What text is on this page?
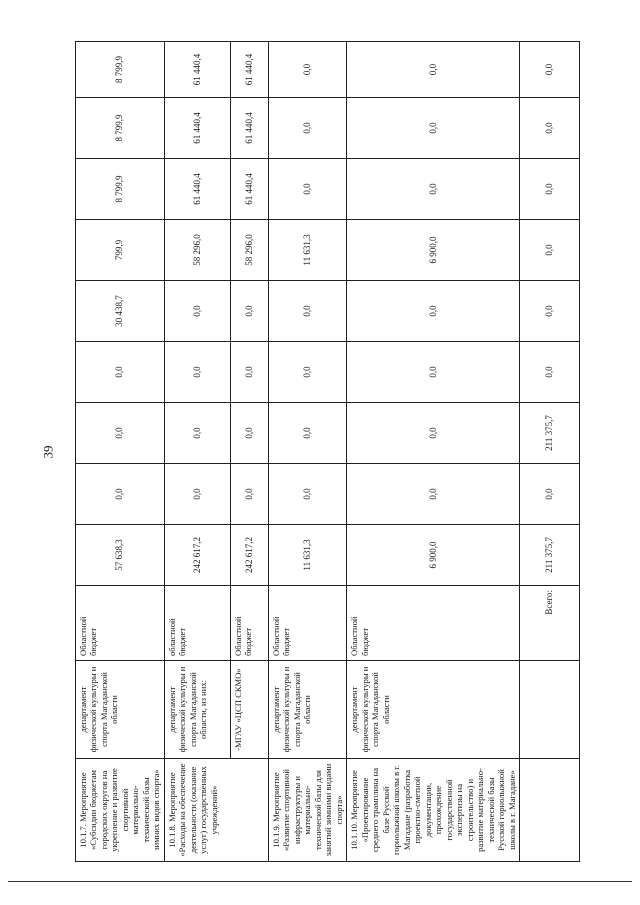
39
10.1.7. Мероприятие «Субсидии бюджетам городских округов на укрепление и развитие спортивной материально-технической базы зимних видов спорта»	департамент физической культуры и спорта Магаданской области	Областной бюджет	57 638,3	0,0	0,0	0,0	30 438,7	799,9	8 799,9	8 799,9	8 799,9
10.1.8. Мероприятие «Расходы на обеспечение деятельности (оказание услуг) государственных учреждений»	департамент физической культуры и спорта Магаданской области, из них:	областной бюджет	242 617,2	0,0	0,0	0,0	0,0	58 296,0	61 440,4	61 440,4	61 440,4
	-МГАУ «ЦСП СКМО»	Областной бюджет	242 617,2	0,0	0,0	0,0	0,0	58 296,0	61 440,4	61 440,4	61 440,4
10.1.9. Мероприятие «Развитие спортивной инфраструктуры и материально-технической базы для занятий зимними видами спорта»	департамент физической культуры и спорта Магаданской области	Областной бюджет	11 631,3	0,0	0,0	0,0	0,0	11 631,3	0,0	0,0	0,0
10.1.10. Мероприятие «Проектирование среднего трамплина на базе Русской горнолыжной школы в г. Магадане (разработка проектно-сметной документации, прохождение государственной экспертизы на строительство) и развитие материально-технической базы Русской горнолыжной школы в г. Магадане»	департамент физической культуры и спорта Магаданской области	Областной бюджет	6 900,0	0,0	0,0	0,0	0,0	6 900,0	0,0	0,0	0,0
		Всего:	211 375,7	0,0	211 375,7	0,0	0,0	0,0	0,0	0,0	0,0
